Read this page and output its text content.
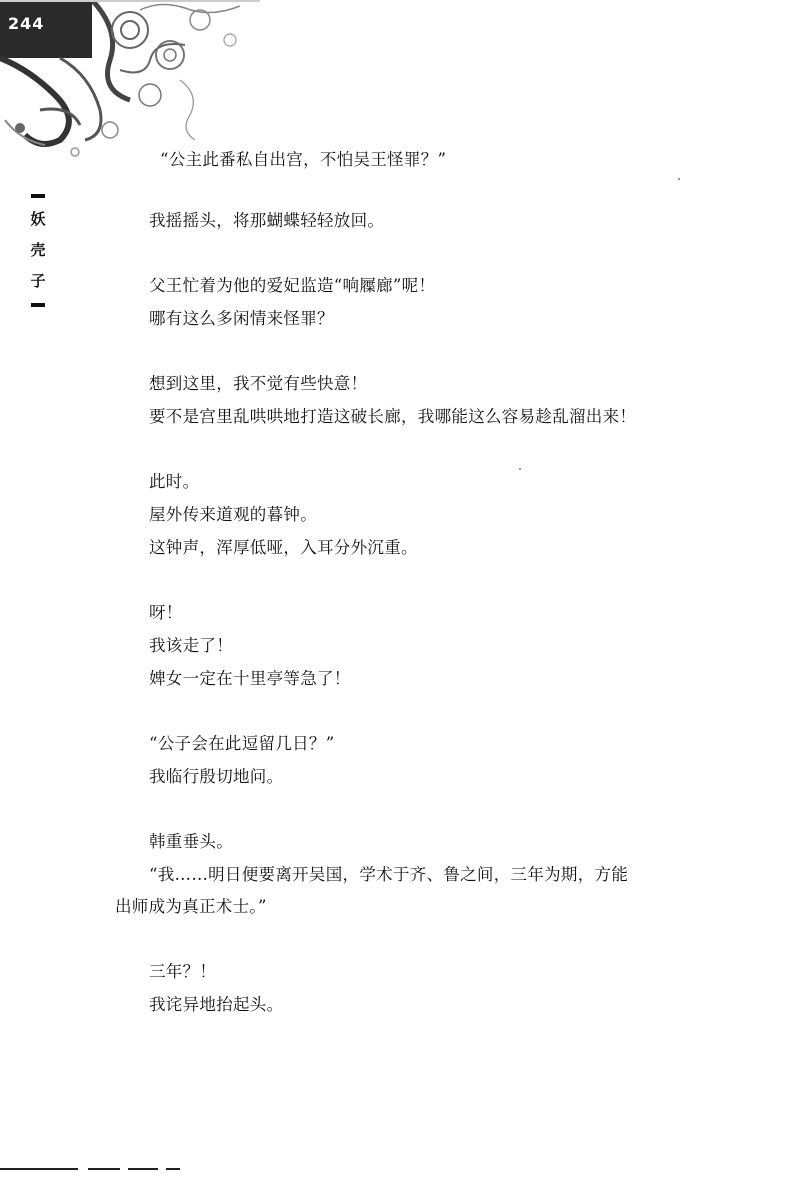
244
妖
壳
子
“公主此番私自出宫，不怕吴王怪罪？”
我摇摇头，将那蝴蝶轻轻放回。
父王忙着为他的爱妃监造“响屧廊”呢！
哪有这么多闲情来怪罪？
想到这里，我不觉有些快意！
要不是宫里乱哄哄地打造这破长廊，我哪能这么容易趁乱溜出来！
此时。
屋外传来道观的暮钟。
这钟声，浑厚低哑，入耳分外沉重。
呀！
我该走了！
婢女一定在十里亭等急了！
“公子会在此逗留几日？”
我临行殷切地问。
韩重垂头。
“我……明日便要离开吴国，学术于齐、鲁之间，三年为期，方能
出师成为真正术士。”
三年？！
我诧异地抬起头。
